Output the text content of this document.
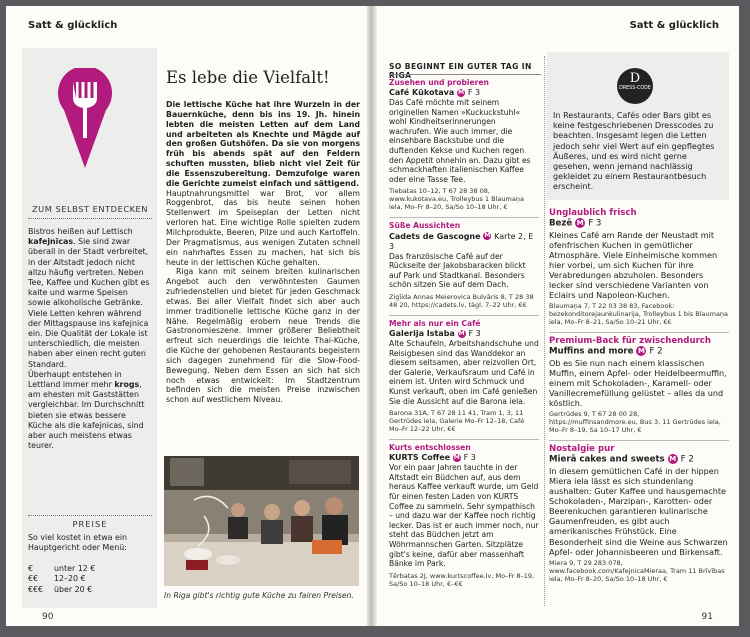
Satt & glücklich
ZUM SELBST ENTDECKEN

Bistros heißen auf Lettisch kafejnīcas. Sie sind zwar überall in der Stadt verbreitet, in der Altstadt jedoch nicht allzu häufig vertreten. Neben Tee, Kaffee und Kuchen gibt es kalte und warme Speisen sowie alkoholische Getränke. Viele Letten kehren während der Mittagspause ins kafejnica ein. Die Qualität der Lokale ist unterschiedlich, die meisten haben aber einen recht guten Standard.

Überhaupt entstehen in Lettland immer mehr krogs, am ehesten mit Gaststätten vergleichbar. Im Durchschnitt bieten sie etwas bessere Küche als die kafejnicas, sind aber auch meistens etwas teurer.

PREISE
So viel kostet in etwa ein Hauptgericht oder Menü:
€	unter 12 €
€€ 12–20 €
€€€ über 20 €
Es lebe die Vielfalt!

Die lettische Küche hat ihre Wurzeln in der Bauernküche, denn bis ins 19. Jh. hinein lebten die meisten Letten auf dem Land und arbeiteten als Knechte und Mägde auf den großen Gutshöfen. Da sie von morgens früh bis abends spät auf den Feldern schuften mussten, blieb nicht viel Zeit für die Essenszubereitung. Demzufolge waren die Gerichte zumeist einfach und sättigend.

Hauptnahrungsmittel war Brot, vor allem Roggenbrot, das bis heute seinen hohen Stellenwert im Speiseplan der Letten nicht verloren hat. Eine wichtige Rolle spielten zudem Milchprodukte, Beeren, Pilze und auch Kartoffeln. Der Pragmatismus, aus wenigen Zutaten schnell ein nahrhaftes Essen zu machen, hat sich bis heute in der lettischen Küche gehalten.

Riga kann mit seinem breiten kulinarischen Angebot auch den verwöhntesten Gaumen zufriedenstellen und bietet für jeden Geschmack etwas. Bei aller Vielfalt findet sich aber auch immer traditionelle lettische Küche ganz in der Nähe. Regelmäßig erobern neue Trends die Gastronomieszene. Immer größerer Beliebtheit erfreut sich neuerdings die leichte Thai-Küche, die Küche der gehobenen Restaurants begeistern sich dagegen zunehmend für die Slow-Food-Bewegung. Neben dem Essen an sich hat sich noch etwas entwickelt: Im Stadtzentrum befinden sich die meisten Preise inzwischen schon auf westlichem Niveau.

In Riga gibt's richtig gute Küche zu fairen Preisen.
90
Satt & glücklich
SO BEGINNT EIN GUTER TAG IN RIGA
Zusehen und probieren
Café Kūkotava M F 3
Das Café möchte mit seinem originellen Namen »Kuckuckstuhl« wohl Kindheitserinnerungen wachrufen. Wie auch immer, die einsehbare Backstube und die duftenden Kekse und Kuchen regen den Appetit ohnehin an. Dazu gibt es schmackhaften italienischen Kaffee oder eine Tasse Tee.
Tiebatas 10–12, T 67 28 38 08, www.kukotava.eu, Trolleybus 1 Blaumaņa iela, Mo–Fr 8–20, Sa/So 10–18 Uhr, €
Süße Aussichten
Cadets de Gascogne M Karte 2, E 3
Das französische Café auf der Rückseite der Jakobsbaracken blickt auf Park und Stadtkanal. Besonders schön sitzen Sie auf dem Dach.
Zigīida Annas Meierovica Bulvāris 8, T 28 38 48 20, https://cadets.lv, tägl. 7–22 Uhr, €€
Mehr als nur ein Café
Galerija Istaba M F 3
Alte Schaufeln, Arbeitshandschuhe und Reisigbesen sind das Wanddekor an diesem seltsamen, aber reizvollen Ort, der Galerie, Verkaufsraum und Café in einem ist. Unten wird Schmuck und Kunst verkauft, oben im Café genießen Sie die Aussicht auf die Barona iela.
Barona 31A, T 67 28 11 41, Tram 1, 3, 11 Gertrūdes iela, Galerie Mo–Fr 12–18, Café Mo–Fr 12–22 Uhr, €€
Kurts entschlossen
KURTS Coffee M F 3
Vor ein paar Jahren tauchte in der Altstadt ein Büdchen auf, aus dem heraus Kaffee verkauft wurde, um Geld für einen festen Laden von KURTS Coffee zu sammeln. Sehr sympathisch – und dazu war der Kaffee noch richtig lecker. Das ist er auch immer noch, nur steht das Büdchen jetzt am Wöhrmannschen Garten. Sitzplätze gibt's keine, dafür aber massenhaft Bänke im Park.
Tērbatas 2J, www.kurtscoffee.lv, Mo–Fr 8–19, Sa/So 10–18 Uhr, €–€€
D
DRESS-CODE
In Restaurants, Cafés oder Bars gibt es keine festgeschriebenen Dresscodes zu beachten. Insgesamt legen die Letten jedoch sehr viel Wert auf ein gepflegtes Äußeres, und es wird nicht gerne gesehen, wenn jemand nachlässig gekleidet zu einem Restaurantbesuch erscheint.
Unglaublich frisch
Bezē M F 3
Kleines Café am Rande der Neustadt mit ofenfrischen Kuchen in gemütlicher Atmosphäre. Viele Einheimische kommen hier vorbei, um sich Kuchen für ihre Verabredungen abzuholen. Besonders lecker sind verschiedene Varianten von Eclairs und Napoleon-Kuchen.
Blaumaņa 7, T 22 03 38 83, Facebook: bezekonditorejaunkulinarija, Trolleybus 1 bis Blaumaņa iela, Mo–Fr 8–21, Sa/So 10–21 Uhr, €€
Premium-Back für zwischendurch
Muffins and more M F 2
Ob es Sie nun nach einem klassischen Muffin, einem Apfel- oder Heidelbeermuffin, einem mit Schokoladen-, Karamell- oder Vanillecremefüllung gelüstet – alles da und köstlich.
Gertrūdes 9, T 67 28 00 28, https://muffinsandmore.eu, Bus 3, 11 Gertrūdes iela, Mo–Fr 8–19, Sa 10–17 Uhr, €
Nostalgie pur
Mierā cakes and sweets M F 2
In diesem gemütlichen Café in der hippen Miera iela lässt es sich stundenlang aushalten: Guter Kaffee und hausgemachte Schokoladen-, Marzipan-, Karotten- oder Beerenkuchen garantieren kulinarische Gaumenfreuden, es gibt auch amerikanisches Frühstück. Eine Besonderheit sind die Weine aus Schwarzen Apfel- oder Johannisbeeren und Birkensaft.
Miera 9, T 29 283 078, www.facebook.com/KafejnicaMieraa, Tram 11 Brīvības iela, Mo–Fr 8–20, Sa/So 10–18 Uhr, €
91
